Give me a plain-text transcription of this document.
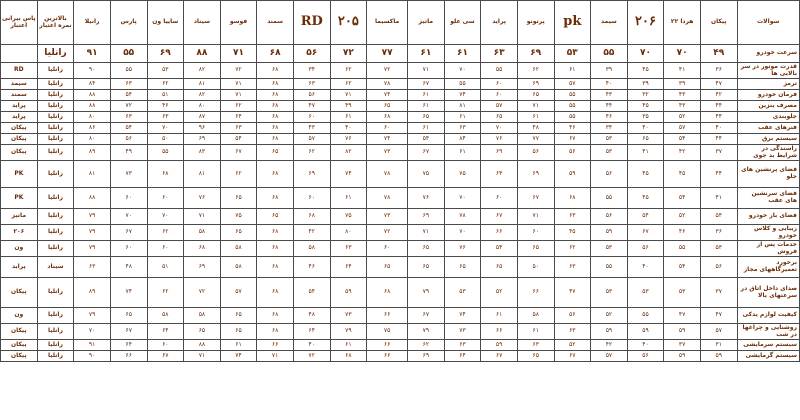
سوالات	پیکان	هردا ۲۲	۲۰۶	سیمد	pk	پرتونو	پراید	سی علو	ماتیز	ماکسیما	۲۰۵	RD	سمند	فوسو	سیناد	ساییا ون	پارس	رانیلا	بالاترین نمره اعتبار	پاس بیرانی اعتبار
سرعت خودرو	۴۹	۷۰	۷۰	۵۵	۵۳	۶۹	۶۳	۶۱	۶۱	۷۷	۷۲	۵۶	۶۸	۷۱	۸۸	۶۹	۵۵	۹۱	رانلیا	
قدرت موتور در سر بالایی ها	۳۶	۴۱	۴۵	۳۹	۶۱	۶۲	۵۵	۷۰	۷۱	۷۲	۶۲	۳۴	۶۸	۷۲	۸۲	۵۳	۵۵	۹۰	رانلیا	RD
ترمز	۴۷	۳۹	۳۹	۴۰	۵۷	۶۹	۶۰	۵۵	۶۷	۷۸	۶۲	۶۳	۶۸	۷۱	۸۱	۶۲	۶۳	۸۴	رانلیا	سیمد
فرمان خودرو	۴۲	۴۳	۳۲	۴۳	۵۵	۶۵	۶۰	۷۴	۶۱	۷۴	۷۱	۵۶	۶۸	۷۱	۸۲	۵۱	۵۴	۸۸	رانلیا	سمند
مصرف بنزین	۴۴	۴۳	۴۵	۴۴	۵۵	۷۱	۵۷	۸۱	۶۱	۶۵	۴۹	۴۷	۶۸	۶۲	۸۰	۴۶	۷۲	۸۸	رانلیا	پراید
جلوبندی	۴۴	۵۲	۳۵	۴۶	۵۵	۶۱	۶۵	۶۱	۶۵	۶۸	۶۱	۶۰	۶۸	۶۴	۸۷	۶۳	۶۳	۸۰	رانلیا	پراید
فنرهای عقب	۴۰	۵۷	۴۰	۳۴	۴۶	۴۸	۷۰	۶۳	۶۱	۶۰	۴۰	۴۳	۶۸	۶۳	۹۶	۷۰	۵۴	۸۶	رانلیا	پیکان
سیستم برق	۴۴	۵۴	۶۵	۵۳	۶۷	۷۷	۷۶	۸۴	۵۴	۷۴	۷۶	۵۷	۶۸	۵۴	۶۹	۵۰	۵۶	۸۰	رانلیا	پیکان
راسندگی در شرایط بد جوی	۳۷	۴۲	۴۱	۵۳	۵۶	۵۶	۶۹	۶۱	۶۷	۷۳	۸۲	۶۲	۶۵	۶۷	۸۳	۵۵	۴۹	۸۹	رانلیا	پیکان
فضای پرنشین های جلو	۴۴	۴۵	۴۵	۵۶	۵۹	۶۹	۶۴	۷۵	۷۵	۷۸	۷۴	۶۹	۶۸	۶۲	۸۱	۶۸	۷۳	۸۱	رانلیا	PK
فضای سرنشین های عقب	۴۱	۵۴	۴۵	۵۵	۶۸	۶۷	۶۰	۷۰	۷۶	۷۸	۶۱	۶۰	۶۸	۶۵	۷۶	۶۰	۶۰	۸۸	رانلیا	PK
فضای باز خودرو	۵۴	۵۲	۵۴	۵۶	۶۳	۷۱	۶۷	۷۸	۶۹	۷۳	۷۵	۶۸	۶۵	۷۵	۷۱	۷۰	۷۰	۷۹	رانلیا	ماتیز
زیبایی و کلاس خودرو	۳۶	۴۶	۶۷	۵۹	۴۵	۶۰	۶۶	۷۰	۷۱	۷۲	۸۰	۴۲	۶۸	۶۵	۵۸	۶۲	۶۷	۷۹	رانلیا	۲۰۶
خدمات پس از فروش	۵۳	۵۵	۵۶	۵۳	۶۲	۶۵	۵۴	۷۶	۶۵	۶۰	۶۳	۵۸	۶۸	۵۸	۶۸	۶۰	۶۰	۷۹	رانلیا	ون
برخورد تعمیرگاههای مجاز	۵۶	۵۴	۴۰	۵۵	۶۳	۵۰	۶۵	۶۵	۶۵	۶۵	۶۴	۴۶	۶۸	۵۸	۶۹	۵۱	۴۸	۶۳	سیناد	پراید
صدای داخل اتاق در سرعتهای بالا	۳۷	۵۳	۵۳	۵۳	۴۷	۶۶	۵۲	۵۳	۷۹	۶۸	۵۹	۵۴	۶۸	۵۷	۷۲	۶۲	۷۴	۸۹	رانلیا	پیکان
کیفیت لوازم یدکی	۴۷	۴۷	۵۵	۵۲	۵۶	۵۸	۶۱	۷۴	۶۷	۶۶	۷۳	۴۸	۶۸	۶۵	۵۸	۵۸	۶۵	۷۹	رانلیا	ون
روشنایی و چراغها در شب	۵۷	۵۹	۵۹	۵۹	۶۳	۶۱	۶۶	۷۳	۷۹	۷۵	۷۹	۶۴	۶۸	۶۵	۶۵	۶۴	۶۷	۷۰	رانلیا	پیکان
سیستم سرمایشی	۳۱	۳۷	۴۰	۴۲	۵۲	۶۳	۵۹	۶۳	۶۲	۶۶	۶۱	۴۰	۶۶	۶۱	۸۸	۶۰	۶۴	۹۱	رانلیا	پیکان
سیستم گرمایشی	۵۹	۵۹	۵۶	۵۷	۶۷	۶۵	۶۷	۶۴	۶۹	۶۶	۶۸	۷۲	۷۱	۷۴	۷۱	۶۷	۶۶	۹۰	رانلیا	پیکان
